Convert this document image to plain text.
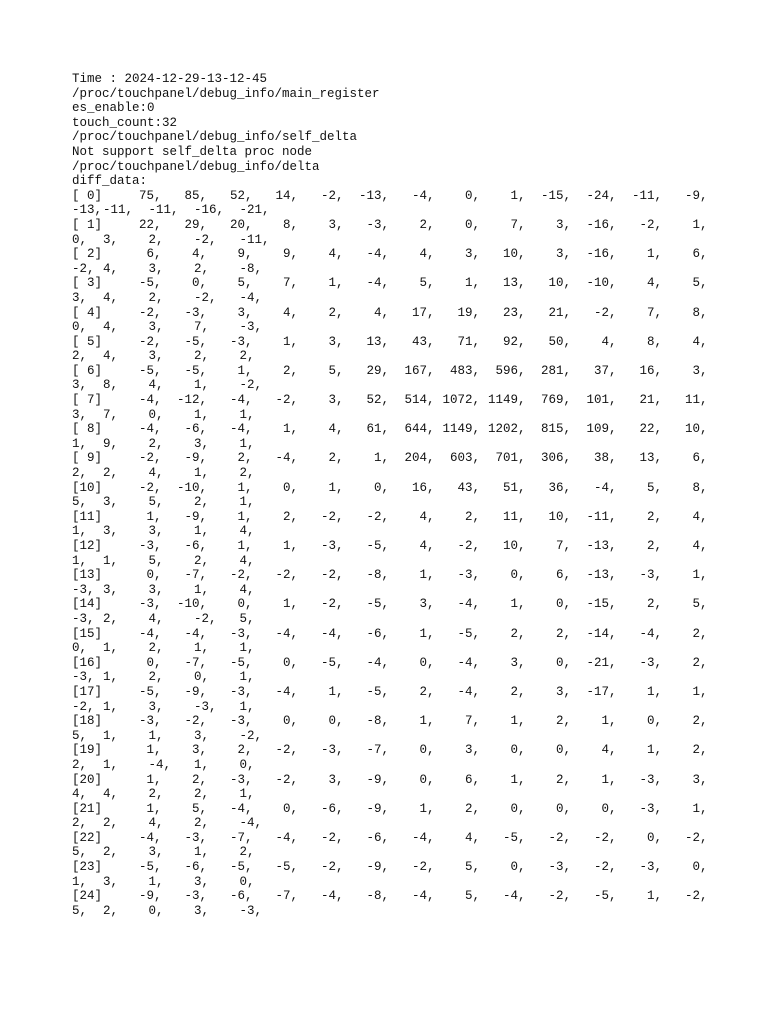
Time : 2024-12-29-13-12-45
/proc/touchpanel/debug_info/main_register
es_enable:0
touch_count:32
/proc/touchpanel/debug_info/self_delta
Not support self_delta proc node
/proc/touchpanel/debug_info/delta
diff_data:
[ 0]	75,	85,	52,	14,	-2,	-13,	-4,	0,	1,	-15,	-24,	-11,	-9,
-13, -11,	-11,	-16,	-21,
[ 1]	22,	29,	20,	8,	3,	-3,	2,	0,	7,	3,	-16,	-2,	1,
0,	3,	2,	-2,	-11,
[ 2]	6,	4,	9,	9,	4,	-4,	4,	3,	10,	3,	-16,	1,	6,
-2, 4,	3,	2,	-8,
[ 3]	-5,	0,	5,	7,	1,	-4,	5,	1,	13,	10,	-10,	4,	5,
3,	4,	2,	-2,	-4,
[ 4]	-2,	-3,	3,	4,	2,	4,	17,	19,	23,	21,	-2,	7,	8,
0,	4,	3,	7,	-3,
[ 5]	-2,	-5,	-3,	1,	3,	13,	43,	71,	92,	50,	4,	8,	4,
2,	4,	3,	2,	2,
[ 6]	-5,	-5,	1,	2,	5,	29,	167,	483,	596,	281,	37,	16,	3,
3,	8,	4,	1,	-2,
[ 7]	-4,	-12,	-4,	-2,	3,	52,	514, 1072, 1149,	769,	101,	21,	11,
3,	7,	0,	1,	1,
[ 8]	-4,	-6,	-4,	1,	4,	61,	644, 1149, 1202,	815,	109,	22,	10,
1,	9,	2,	3,	1,
[ 9]	-2,	-9,	2,	-4,	2,	1,	204,	603,	701,	306,	38,	13,	6,
2,	2,	4,	1,	2,
[10]	-2,	-10,	1,	0,	1,	0,	16,	43,	51,	36,	-4,	5,	8,
5,	3,	5,	2,	1,
[11]	1,	-9,	1,	2,	-2,	-2,	4,	2,	11,	10,	-11,	2,	4,
1,	3,	3,	1,	4,
[12]	-3,	-6,	1,	1,	-3,	-5,	4,	-2,	10,	7,	-13,	2,	4,
1,	1,	5,	2,	4,
[13]	0,	-7,	-2,	-2,	-2,	-8,	1,	-3,	0,	6,	-13,	-3,	1,
-3, 3,	3,	1,	4,
[14]	-3,	-10,	0,	1,	-2,	-5,	3,	-4,	1,	0,	-15,	2,	5,
-3, 2,	4,	-2,	5,
[15]	-4,	-4,	-3,	-4,	-4,	-6,	1,	-5,	2,	2,	-14,	-4,	2,
0,	1,	2,	1,	1,
[16]	0,	-7,	-5,	0,	-5,	-4,	0,	-4,	3,	0,	-21,	-3,	2,
-3, 1,	2,	0,	1,
[17]	-5,	-9,	-3,	-4,	1,	-5,	2,	-4,	2,	3,	-17,	1,	1,
-2, 1,	3,	-3,	1,
[18]	-3,	-2,	-3,	0,	0,	-8,	1,	7,	1,	2,	1,	0,	2,
5,	1,	1,	3,	-2,
[19]	1,	3,	2,	-2,	-3,	-7,	0,	3,	0,	0,	4,	1,	2,
2,	1,	-4,	1,	0,
[20]	1,	2,	-3,	-2,	3,	-9,	0,	6,	1,	2,	1,	-3,	3,
4,	4,	2,	2,	1,
[21]	1,	5,	-4,	0,	-6,	-9,	1,	2,	0,	0,	0,	-3,	1,
2,	2,	4,	2,	-4,
[22]	-4,	-3,	-7,	-4,	-2,	-6,	-4,	4,	-5,	-2,	-2,	0,	-2,
5,	2,	3,	1,	2,
[23]	-5,	-6,	-5,	-5,	-2,	-9,	-2,	5,	0,	-3,	-2,	-3,	0,
1,	3,	1,	3,	0,
[24]	-9,	-3,	-6,	-7,	-4,	-8,	-4,	5,	-4,	-2,	-5,	1,	-2,
5,	2,	0,	3,	-3,
